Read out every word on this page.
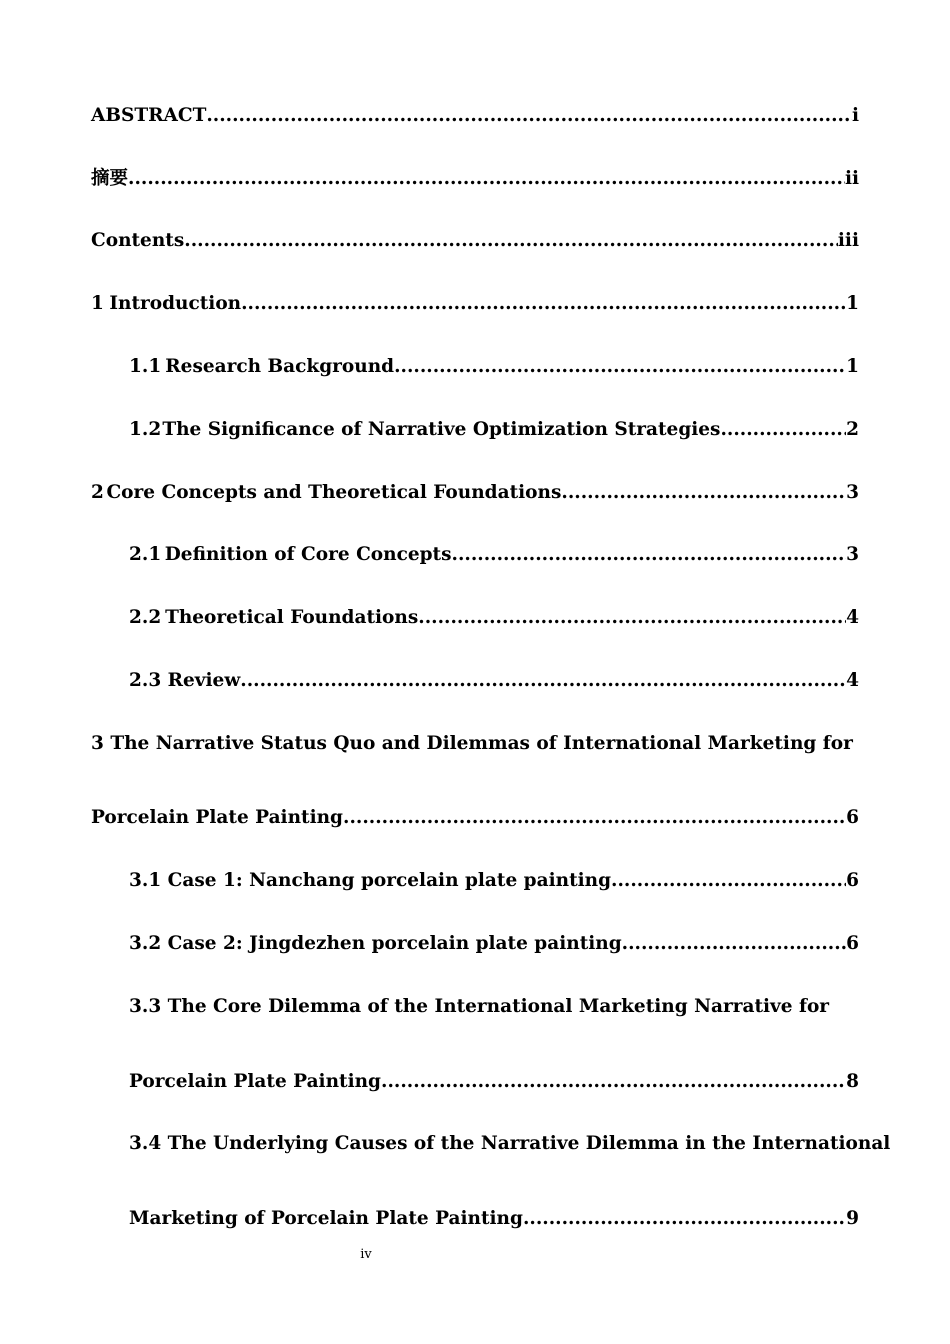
ABSTRACT .....	i
摘要 .....	ii
Contents .....	iii
1 Introduction .....	1
1.1 Research Background .....	1
1.2 The Significance of Narrative Optimization Strategies .....	2
2 Core Concepts and Theoretical Foundations .....	3
2.1 Definition of Core Concepts .....	3
2.2 Theoretical Foundations .....	4
2.3 Review .....	4
3 The Narrative Status Quo and Dilemmas of International Marketing for
Porcelain Plate Painting .....	6
3.1 Case 1: Nanchang porcelain plate painting .....	6
3.2 Case 2: Jingdezhen porcelain plate painting .....	6
3.3 The Core Dilemma of the International Marketing Narrative for
Porcelain Plate Painting .....	8
3.4 The Underlying Causes of the Narrative Dilemma in the International
Marketing of Porcelain Plate Painting .....	9
iv
